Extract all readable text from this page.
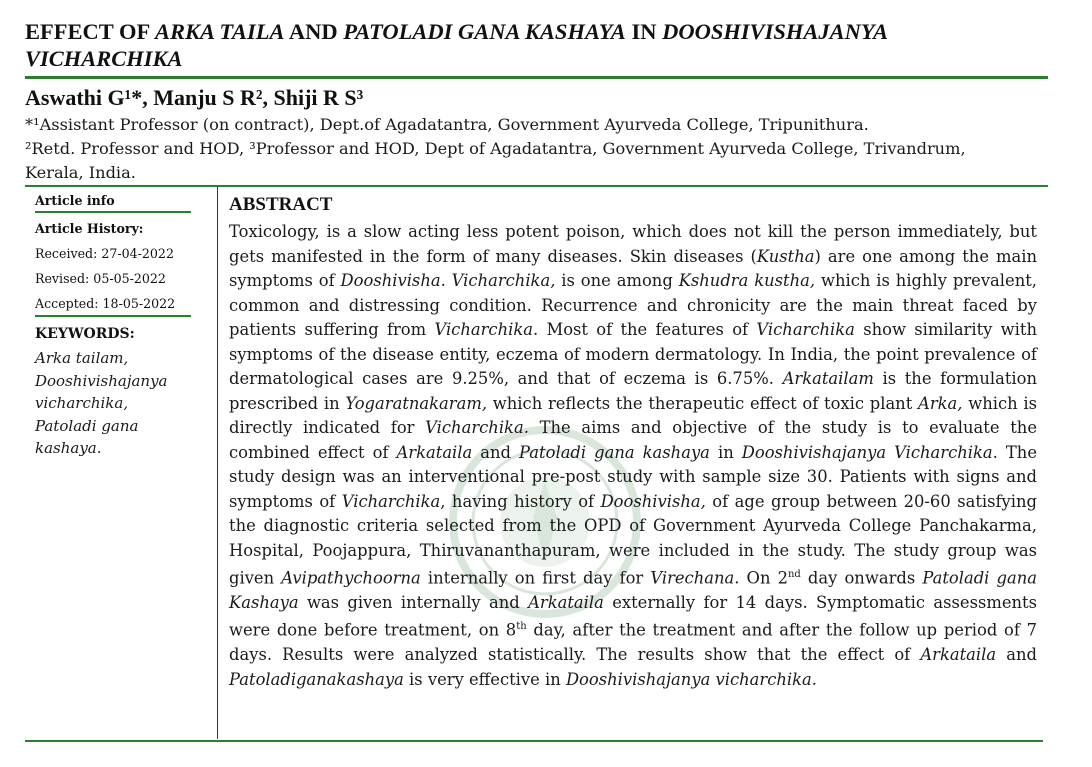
EFFECT OF ARKA TAILA AND PATOLADI GANA KASHAYA IN DOOSHIVISHAJANYA VICHARCHIKA
Aswathi G¹*, Manju S R², Shiji R S³
*¹Assistant Professor (on contract), Dept.of Agadatantra, Government Ayurveda College, Tripunithura.
²Retd. Professor and HOD, ³Professor and HOD, Dept of Agadatantra, Government Ayurveda College, Trivandrum,
Kerala, India.
Article info
Article History:
Received: 27-04-2022
Revised: 05-05-2022
Accepted: 18-05-2022
KEYWORDS:
Arka tailam,
Dooshivishajanya
vicharchika,
Patoladi gana
kashaya.
ABSTRACT
Toxicology, is a slow acting less potent poison, which does not kill the person immediately, but gets manifested in the form of many diseases. Skin diseases (Kustha) are one among the main symptoms of Dooshivisha. Vicharchika, is one among Kshudra kustha, which is highly prevalent, common and distressing condition. Recurrence and chronicity are the main threat faced by patients suffering from Vicharchika. Most of the features of Vicharchika show similarity with symptoms of the disease entity, eczema of modern dermatology. In India, the point prevalence of dermatological cases are 9.25%, and that of eczema is 6.75%. Arkatailam is the formulation prescribed in Yogaratnakaram, which reflects the therapeutic effect of toxic plant Arka, which is directly indicated for Vicharchika. The aims and objective of the study is to evaluate the combined effect of Arkataila and Patoladi gana kashaya in Dooshivishajanya Vicharchika. The study design was an interventional pre-post study with sample size 30. Patients with signs and symptoms of Vicharchika, having history of Dooshivisha, of age group between 20-60 satisfying the diagnostic criteria selected from the OPD of Government Ayurveda College Panchakarma, Hospital, Poojappura, Thiruvananthapuram, were included in the study. The study group was given Avipathychoorna internally on first day for Virechana. On 2nd day onwards Patoladi gana Kashaya was given internally and Arkataila externally for 14 days. Symptomatic assessments were done before treatment, on 8th day, after the treatment and after the follow up period of 7 days. Results were analyzed statistically. The results show that the effect of Arkataila and Patoladiganakashaya is very effective in Dooshivishajanya vicharchika.
